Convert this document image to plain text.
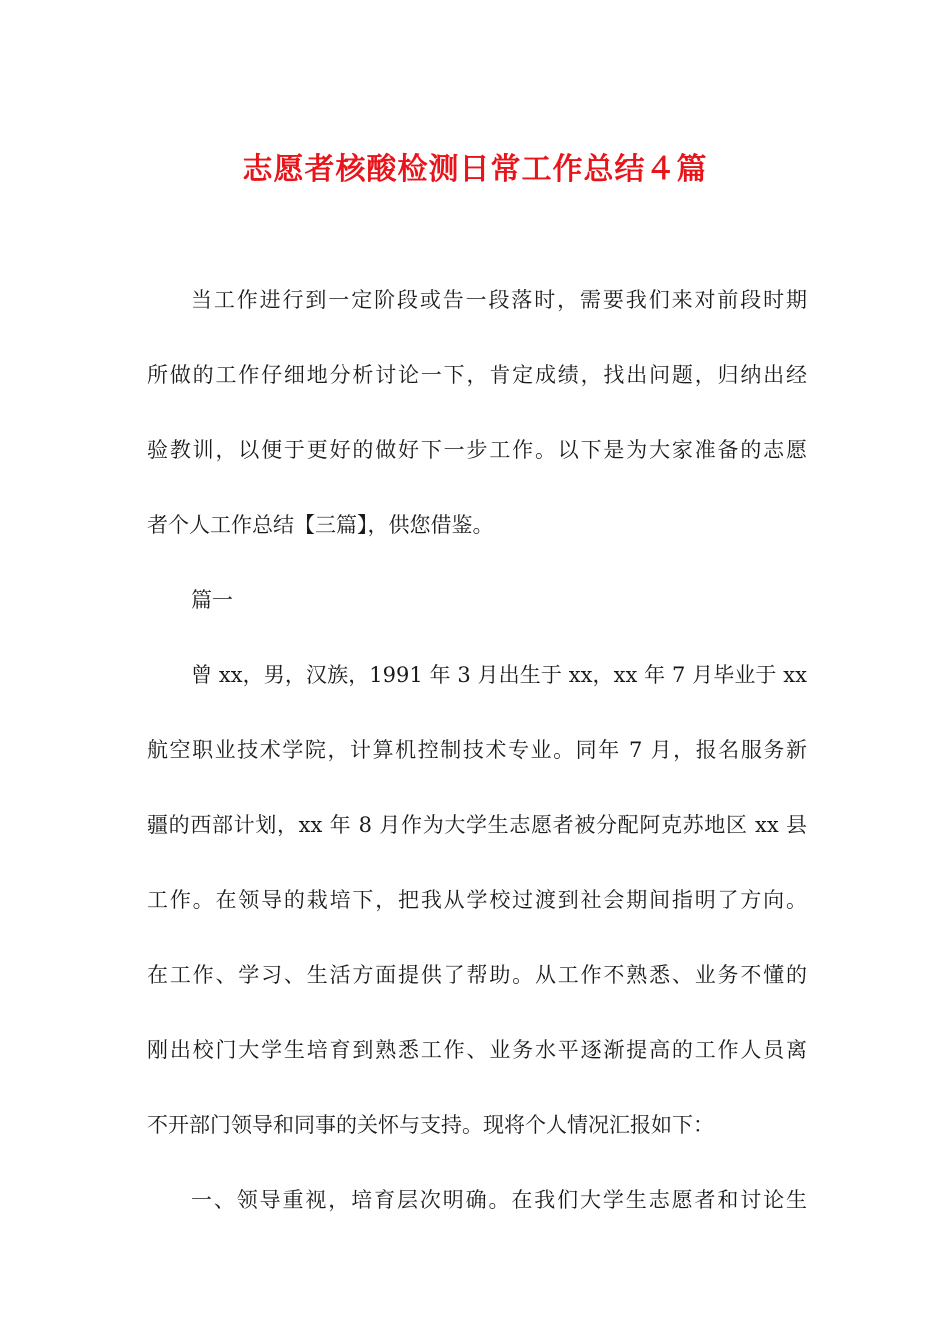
志愿者核酸检测日常工作总结４篇
当工作进行到一定阶段或告一段落时，需要我们来对前段时期
所做的工作仔细地分析讨论一下，肯定成绩，找出问题，归纳出经
验教训，以便于更好的做好下一步工作。以下是为大家准备的志愿
者个人工作总结【三篇】，供您借鉴。
篇一
曾 xx，男，汉族，1991 年 3 月出生于 xx，xx 年 7 月毕业于 xx
航空职业技术学院，计算机控制技术专业。同年 7 月，报名服务新
疆的西部计划，xx 年 8 月作为大学生志愿者被分配阿克苏地区 xx 县
工作。在领导的栽培下，把我从学校过渡到社会期间指明了方向。
在工作、学习、生活方面提供了帮助。从工作不熟悉、业务不懂的
刚出校门大学生培育到熟悉工作、业务水平逐渐提高的工作人员离
不开部门领导和同事的关怀与支持。现将个人情况汇报如下：
一、领导重视，培育层次明确。在我们大学生志愿者和讨论生
